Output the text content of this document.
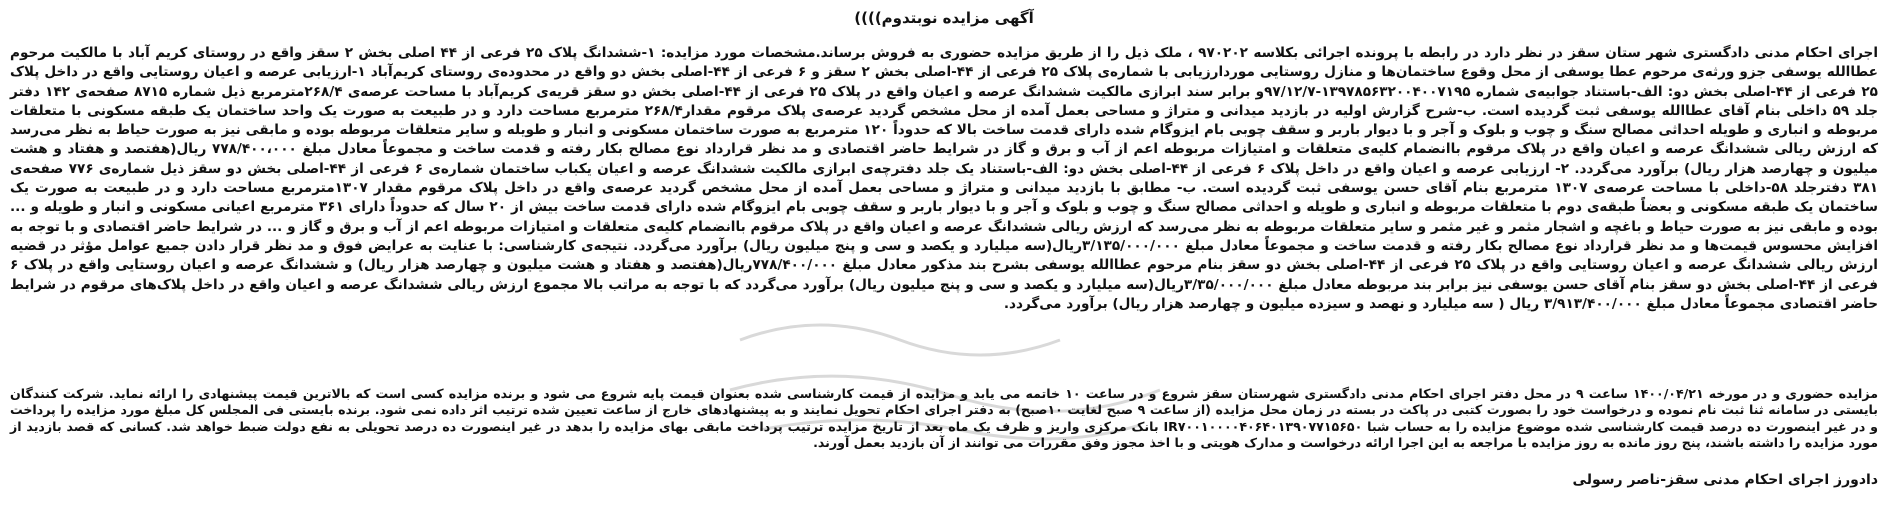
آگهی مزایده نوبتدوم))))

اجرای احکام مدنی دادگستری شهر ستان سقز در نظر دارد در رابطه با پرونده اجرائی بکلاسه ۹۷۰۲۰۲ ، ملک ذیل را از طریق مزایده حضوری به فروش برساند.مشخصات مورد مزایده: ۱-ششدانگ پلاک ۲۵ فرعی از ۴۴ اصلی بخش ۲ سقز واقع در روستای کریم آباد با مالکیت مرحوم عطاالله یوسفی جزو ورثه‌ی مرحوم عطا یوسفی از محل وقوع ساختمان‌ها و منازل روستایی موردارزیابی با شماره‌ی پلاک ۲۵ فرعی از ۴۴-اصلی بخش ۲ سقز و ۶ فرعی از ۴۴-اصلی بخش دو واقع در محدوده‌ی روستای کریم‌آباد ۱-ارزیابی عرصه و اعیان روستایی واقع در داخل پلاک ۲۵ فرعی از ۴۴-اصلی بخش دو: الف-باستناد جوابیه‌ی شماره ۱۳۹۷۸۵۶۳۲۰۰۴۰۰۷۱۹۵-۹۷/۱۲/۷و برابر سند ابرازی مالکیت ششدانگ عرصه و اعیان واقع در پلاک ۲۵ فرعی از ۴۴-اصلی بخش دو سقز قریه‌ی کریم‌آباد با مساحت عرصه‌ی ۲۶۸/۴مترمربع ذیل شماره ۸۷۱۵ صفحه‌ی ۱۴۲ دفتر جلد ۵۹ داخلی بنام آقای عطاالله یوسفی ثبت گردیده است. ب-شرح گزارش اولیه در بازدید میدانی و متراژ و مساحی بعمل آمده از محل مشخص گردید عرصه‌ی پلاک مرقوم مقدار۲۶۸/۴ مترمربع مساحت دارد و در طبیعت به صورت یک واحد ساختمان یک طبقه مسکونی با متعلقات مربوطه و انباری و طویله احداثی مصالح سنگ و چوب و بلوک و آجر و با دیوار باربر و سقف چوبی بام ایزوگام شده دارای قدمت ساخت بالا که حدوداً ۱۲۰ مترمربع به صورت ساختمان مسکونی و انبار و طویله و سایر متعلقات مربوطه بوده و مابقی نیز به صورت حیاط به نظر می‌رسد که ارزش ریالی ششدانگ عرصه و اعیان واقع در پلاک مرقوم باانضمام کلیه‌ی متعلقات و امتیازات مربوطه اعم از آب و برق و گاز در شرایط حاضر اقتصادی و مد نظر قرارداد نوع مصالح بکار رفته و قدمت ساخت و مجموعاً معادل مبلغ ۷۷۸/۴۰۰،۰۰۰ ریال(هفتصد و هفتاد و هشت میلیون و چهارصد هزار ریال) برآورد می‌گردد. ۲- ارزیابی عرصه و اعیان واقع در داخل پلاک ۶ فرعی از ۴۴-اصلی بخش دو: الف-باستناد یک جلد دفترچه‌ی ابرازی مالکیت ششدانگ عرصه و اعیان یکباب ساختمان شماره‌ی ۶ فرعی از ۴۴-اصلی بخش دو سقز ذیل شماره‌ی ۷۷۶ صفحه‌ی ۳۸۱ دفترجلد ۵۸-داخلی با مساحت عرصه‌ی ۱۳۰۷ مترمربع بنام آقای حسن یوسفی ثبت گردیده است. ب- مطابق با بازدید میدانی و متراژ و مساحی بعمل آمده از محل مشخص گردید عرصه‌ی واقع در داخل پلاک مرقوم مقدار ۱۳۰۷مترمربع مساحت دارد و در طبیعت به صورت یک ساختمان یک طبقه مسکونی و بعضاً طبقه‌ی دوم با متعلقات مربوطه و انباری و طویله و احداثی مصالح سنگ و چوب و بلوک و آجر و با دیوار باربر و سقف چوبی بام ایزوگام شده دارای قدمت ساخت بیش از ۲۰ سال که حدوداً دارای ۳۶۱ مترمربع اعیانی مسکونی و انبار و طویله و ... بوده و مابقی نیز به صورت حیاط و باغچه و اشجار مثمر و غیر مثمر و سایر متعلقات مربوطه به نظر می‌رسد که ارزش ریالی ششدانگ عرصه و اعیان واقع در پلاک مرقوم باانضمام کلیه‌ی متعلقات و امتیازات مربوطه اعم از آب و برق و گاز و ... در شرایط حاضر اقتصادی و با توجه به افزایش محسوس قیمت‌ها و مد نظر قرارداد نوع مصالح بکار رفته و قدمت ساخت و مجموعاً معادل مبلغ ۳/۱۳۵/۰۰۰/۰۰۰ریال(سه میلیارد و یکصد و سی و پنج میلیون ریال) برآورد می‌گردد. نتیجه‌ی کارشناسی: با عنایت به عرایض فوق و مد نظر قرار دادن جمیع عوامل مؤثر در قضیه ارزش ریالی ششدانگ عرصه و اعیان روستایی واقع در پلاک ۲۵ فرعی از ۴۴-اصلی بخش دو سقز بنام مرحوم عطاالله یوسفی بشرح بند مذکور معادل مبلغ ۷۷۸/۴۰۰/۰۰۰ریال(هفتصد و هفتاد و هشت میلیون و چهارصد هزار ریال) و ششدانگ عرصه و اعیان روستایی واقع در پلاک ۶ فرعی از ۴۴-اصلی بخش دو سقز بنام آقای حسن یوسفی نیز برابر بند مربوطه معادل مبلغ ۳/۳۵/۰۰۰/۰۰۰ریال(سه میلیارد و یکصد و سی و پنج میلیون ریال) برآورد می‌گردد که با توجه به مراتب بالا مجموع ارزش ریالی ششدانگ عرصه و اعیان واقع در داخل پلاک‌های مرقوم در شرایط حاضر اقتصادی مجموعاً معادل مبلغ ۳/۹۱۳/۴۰۰/۰۰۰ ریال ( سه میلیارد و نهصد و سیزده میلیون و چهارصد هزار ریال) برآورد می‌گردد.

مزایده حضوری و در مورخه ۱۴۰۰/۰۴/۲۱ ساعت ۹ در محل دفتر اجرای احکام مدنی دادگستری شهرستان سقز شروع و در ساعت ۱۰ خاتمه می یابد و مزایده از قیمت کارشناسی شده بعنوان قیمت پایه شروع می شود و برنده مزایده کسی است که بالاترین قیمت پیشنهادی را ارائه نماید. شرکت کنندگان بایستی در سامانه ثنا ثبت نام نموده و درخواست خود را بصورت کتبی در پاکت در بسته در زمان محل مزایده (از ساعت ۹ صبح لغایت ۱۰صبح) به دفتر اجرای احکام تحویل نمایند و به پیشنهادهای خارج از ساعت تعیین شده ترتیب اثر داده نمی شود. برنده بایستی فی المجلس کل مبلغ مورد مزایده را پرداخت و در غیر اینصورت ده درصد قیمت کارشناسی شده موضوع مزایده را به حساب شبا IR۷۰۰۱۰۰۰۰۴۰۶۴۰۱۳۹۰۷۷۱۵۶۵۰ بانک مرکزی واریز و ظرف یک ماه بعد از تاریخ مزایده ترتیب پرداخت مابقی بهای مزایده را بدهد در غیر اینصورت ده درصد تحویلی به نفع دولت ضبط خواهد شد. کسانی که قصد بازدید از مورد مزایده را داشته باشند، پنج روز مانده به روز مزایده با مراجعه به این اجرا ارائه درخواست و مدارک هویتی و با اخذ مجوز وفق مقررات می توانند از آن بازدید بعمل آورند.

دادورز اجرای احکام مدنی سقز-ناصر رسولی
